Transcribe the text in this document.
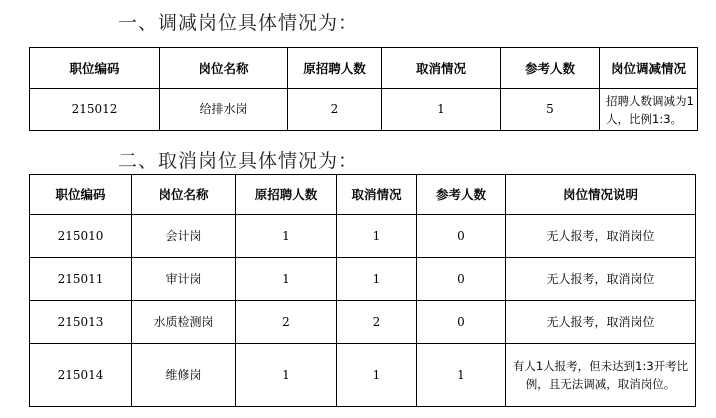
一、调减岗位具体情况为：
职位编码	岗位名称	原招聘人数	取消情况	参考人数	岗位调减情况
215012	给排水岗	2	1	5	招聘人数调减为1人，比例1:3。
二、取消岗位具体情况为：
职位编码	岗位名称	原招聘人数	取消情况	参考人数	岗位情况说明
215010	会计岗	1	1	0	无人报考，取消岗位
215011	审计岗	1	1	0	无人报考，取消岗位
215013	水质检测岗	2	2	0	无人报考，取消岗位
215014	维修岗	1	1	1	有人1人报考，但未达到1:3开考比例，且无法调减，取消岗位。
